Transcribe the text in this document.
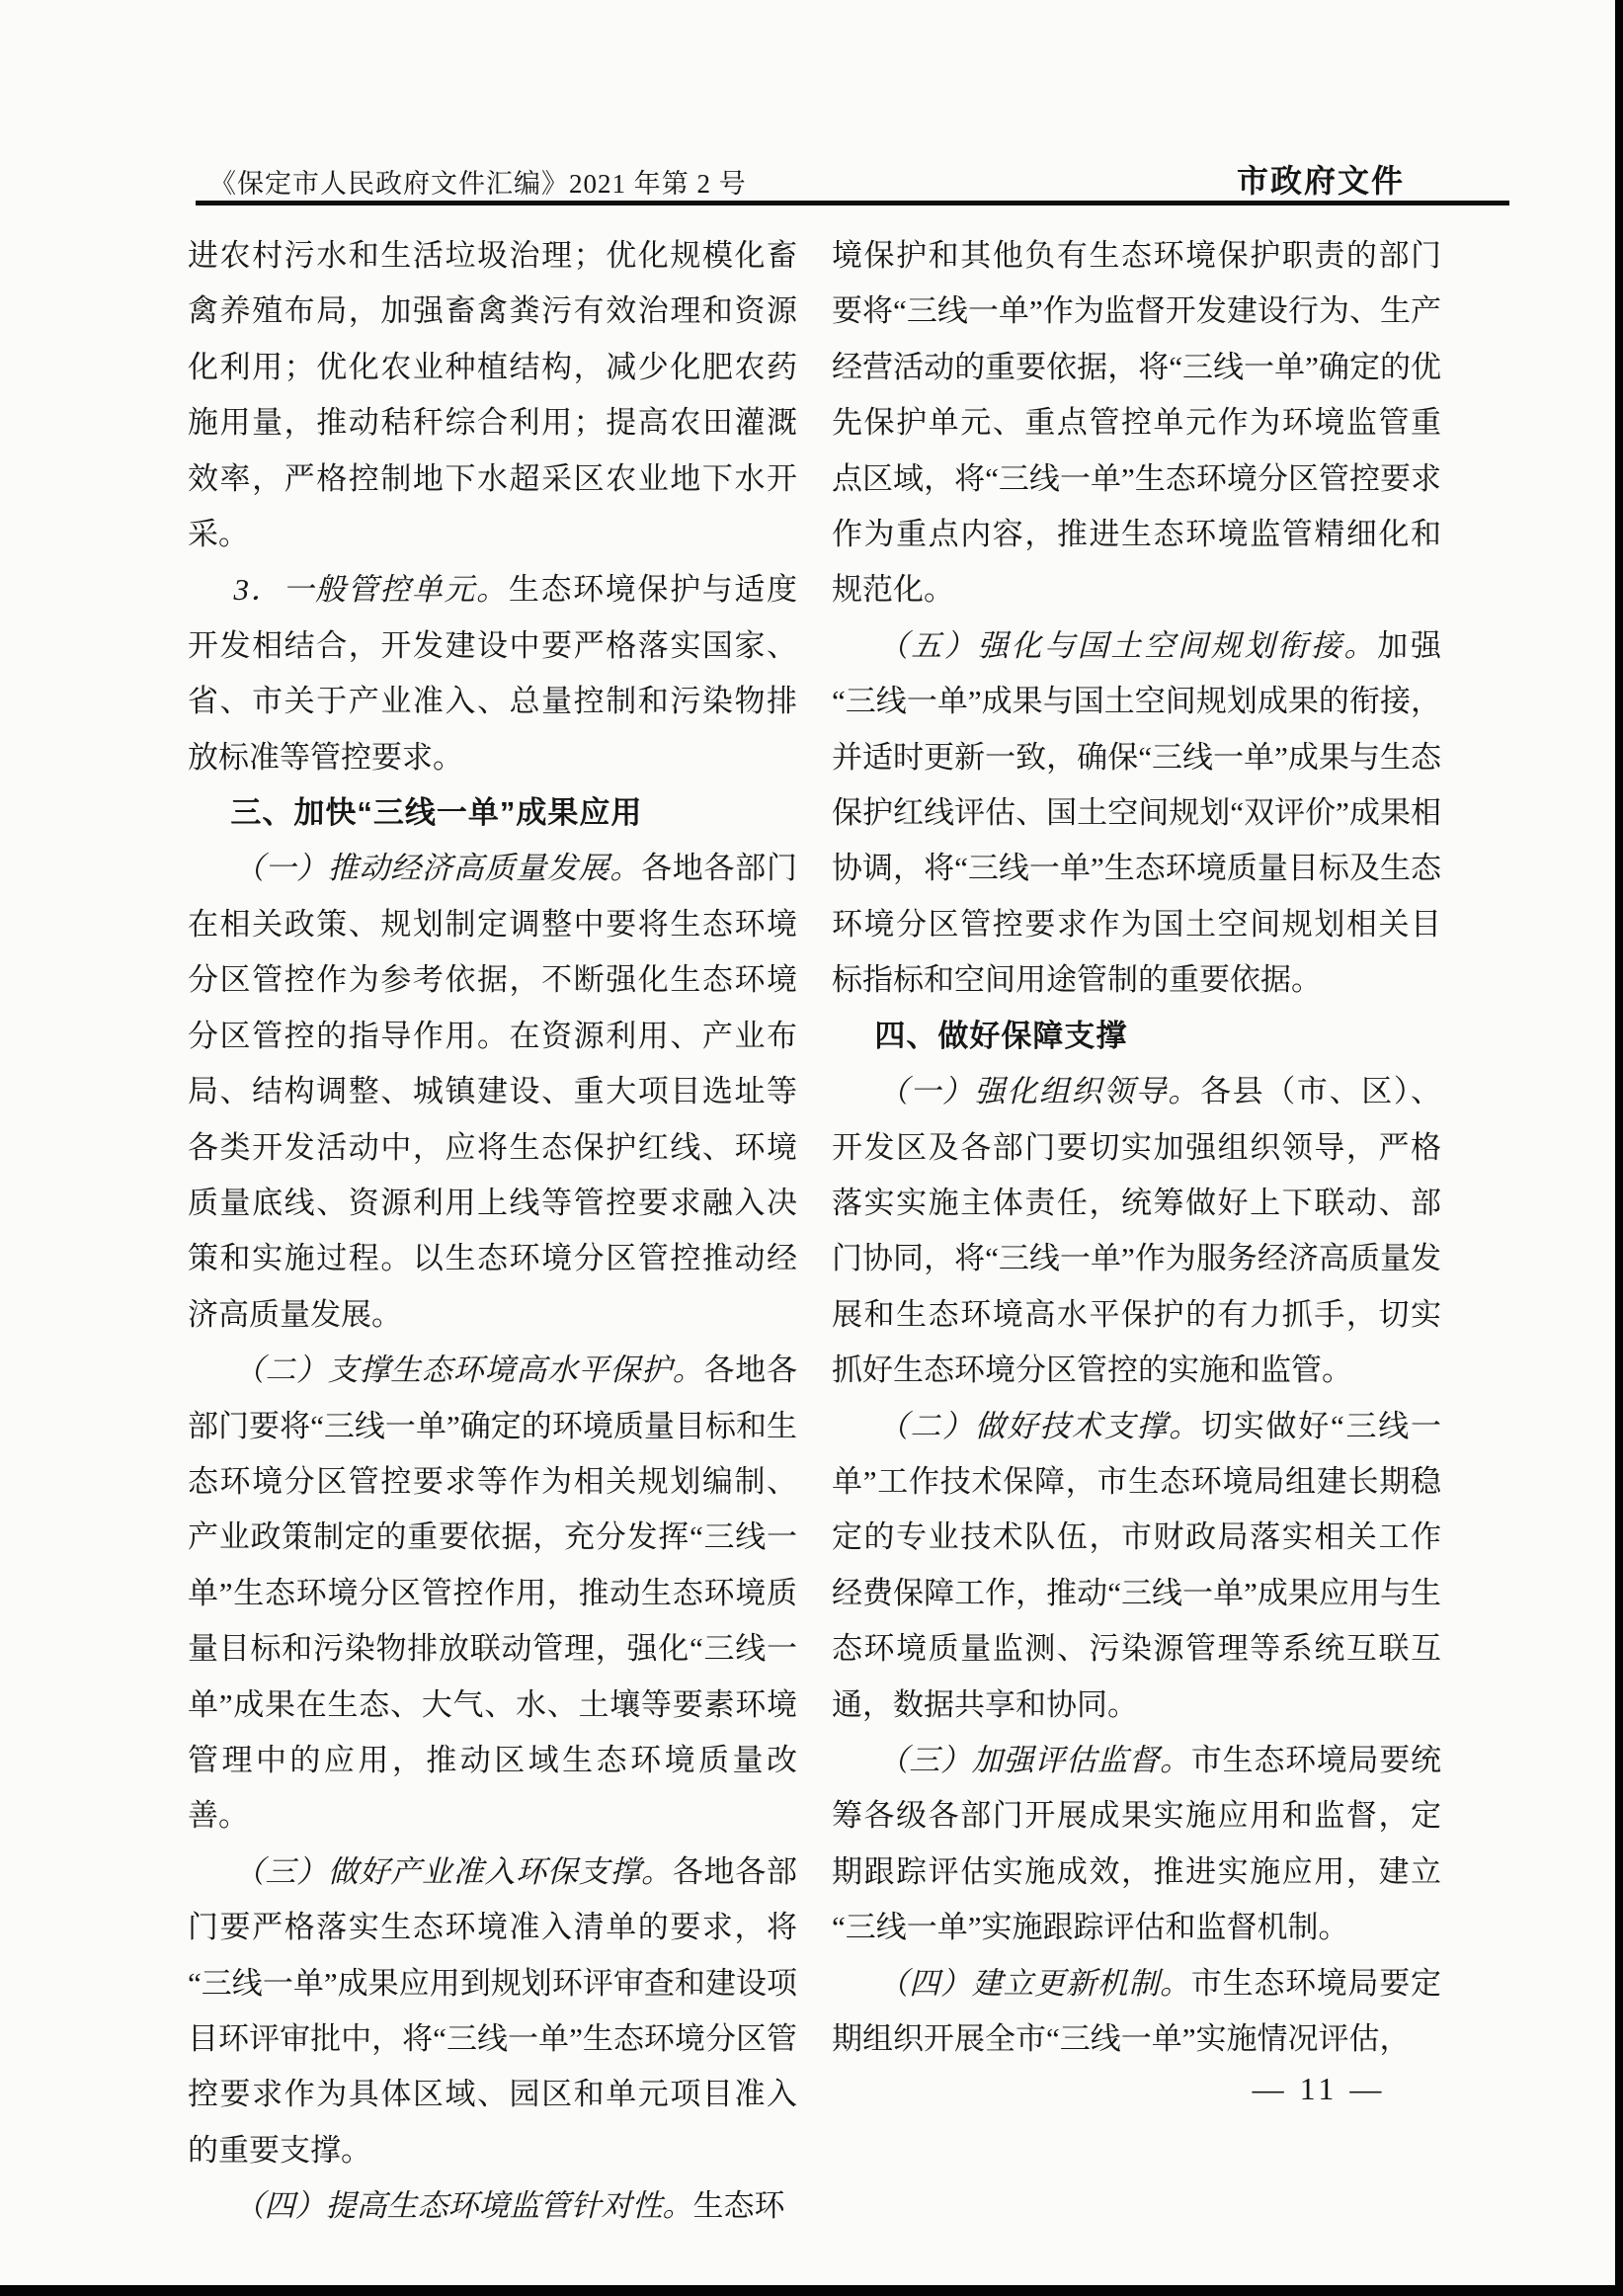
《保定市人民政府文件汇编》2021 年第 2 号	市政府文件

进农村污水和生活垃圾治理；优化规模化畜禽养殖布局，加强畜禽粪污有效治理和资源化利用；优化农业种植结构，减少化肥农药施用量，推动秸秆综合利用；提高农田灌溉效率，严格控制地下水超采区农业地下水开采。

3．一般管控单元。生态环境保护与适度开发相结合，开发建设中要严格落实国家、省、市关于产业准入、总量控制和污染物排放标准等管控要求。

三、加快“三线一单”成果应用

（一）推动经济高质量发展。各地各部门在相关政策、规划制定调整中要将生态环境分区管控作为参考依据，不断强化生态环境分区管控的指导作用。在资源利用、产业布局、结构调整、城镇建设、重大项目选址等各类开发活动中，应将生态保护红线、环境质量底线、资源利用上线等管控要求融入决策和实施过程。以生态环境分区管控推动经济高质量发展。

（二）支撑生态环境高水平保护。各地各部门要将“三线一单”确定的环境质量目标和生态环境分区管控要求等作为相关规划编制、产业政策制定的重要依据，充分发挥“三线一单”生态环境分区管控作用，推动生态环境质量目标和污染物排放联动管理，强化“三线一单”成果在生态、大气、水、土壤等要素环境管理中的应用，推动区域生态环境质量改善。

（三）做好产业准入环保支撑。各地各部门要严格落实生态环境准入清单的要求，将“三线一单”成果应用到规划环评审查和建设项目环评审批中，将“三线一单”生态环境分区管控要求作为具体区域、园区和单元项目准入的重要支撑。

（四）提高生态环境监管针对性。生态环

境保护和其他负有生态环境保护职责的部门要将“三线一单”作为监督开发建设行为、生产经营活动的重要依据，将“三线一单”确定的优先保护单元、重点管控单元作为环境监管重点区域，将“三线一单”生态环境分区管控要求作为重点内容，推进生态环境监管精细化和规范化。

（五）强化与国土空间规划衔接。加强“三线一单”成果与国土空间规划成果的衔接，并适时更新一致，确保“三线一单”成果与生态保护红线评估、国土空间规划“双评价”成果相协调，将“三线一单”生态环境质量目标及生态环境分区管控要求作为国土空间规划相关目标指标和空间用途管制的重要依据。

四、做好保障支撑

（一）强化组织领导。各县（市、区）、开发区及各部门要切实加强组织领导，严格落实实施主体责任，统筹做好上下联动、部门协同，将“三线一单”作为服务经济高质量发展和生态环境高水平保护的有力抓手，切实抓好生态环境分区管控的实施和监管。

（二）做好技术支撑。切实做好“三线一单”工作技术保障，市生态环境局组建长期稳定的专业技术队伍，市财政局落实相关工作经费保障工作，推动“三线一单”成果应用与生态环境质量监测、污染源管理等系统互联互通，数据共享和协同。

（三）加强评估监督。市生态环境局要统筹各级各部门开展成果实施应用和监督，定期跟踪评估实施成效，推进实施应用，建立“三线一单”实施跟踪评估和监督机制。

（四）建立更新机制。市生态环境局要定期组织开展全市“三线一单”实施情况评估，

— 11 —
